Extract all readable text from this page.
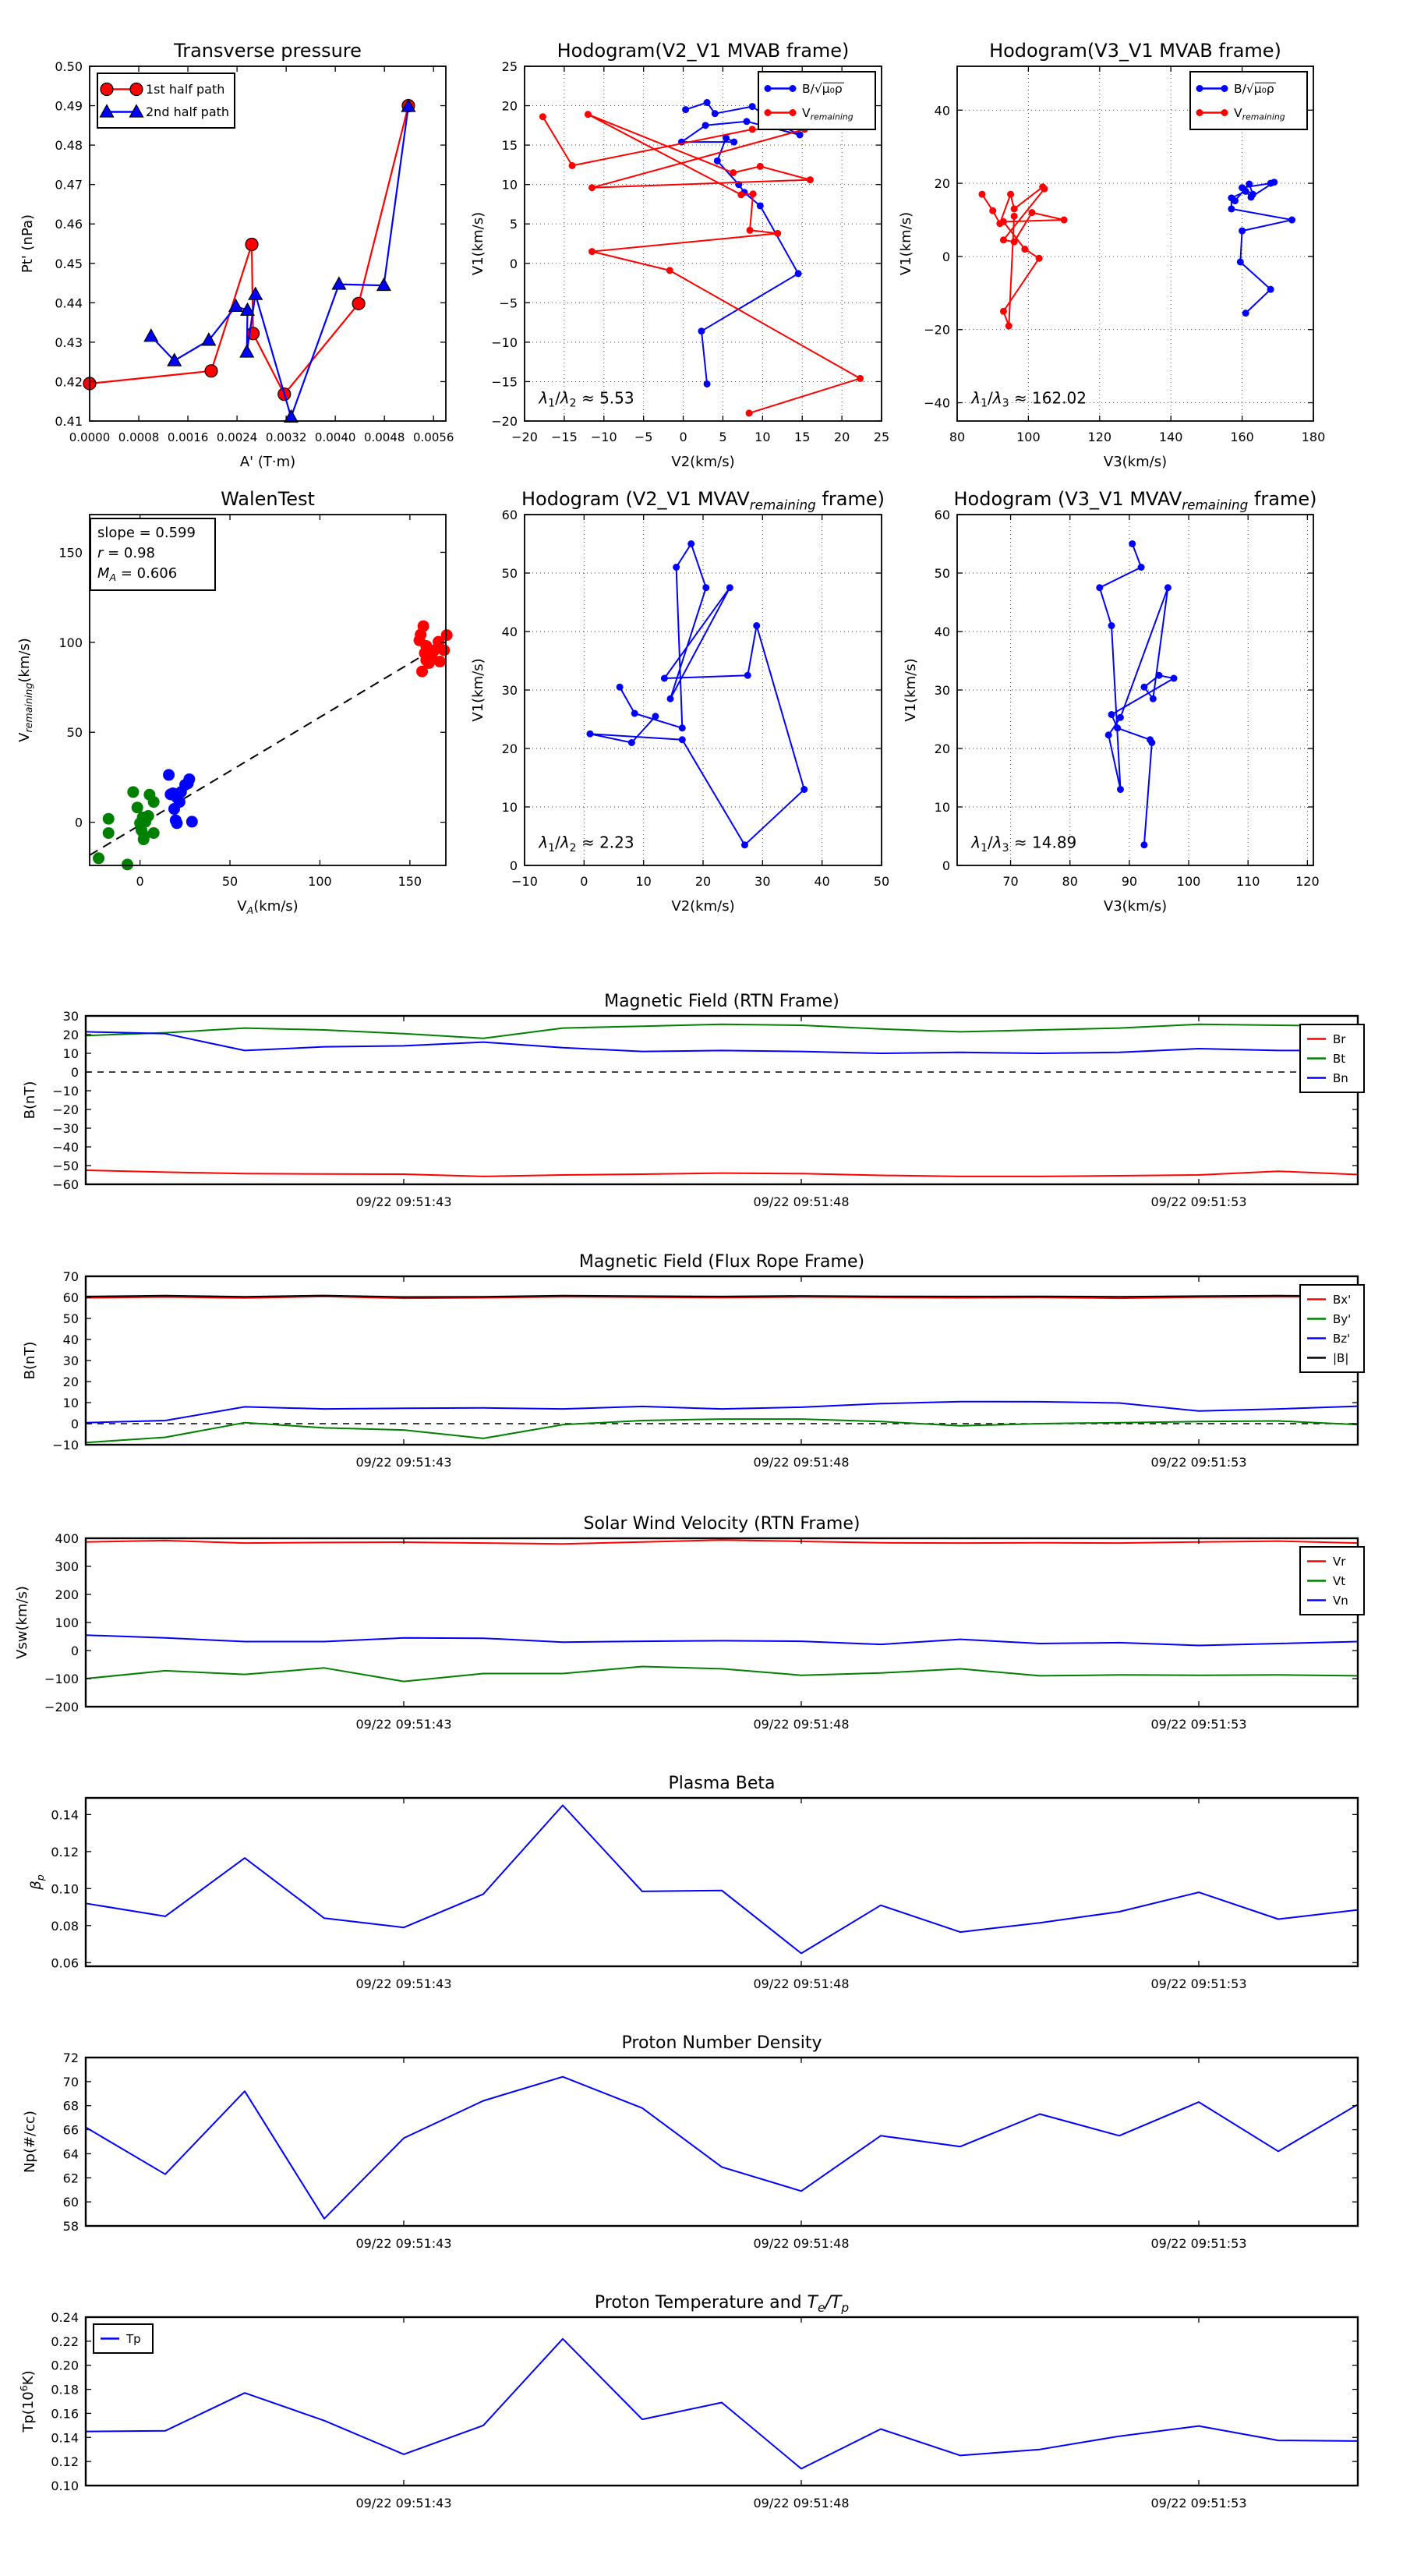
0.0000 0.0008 0.0016 0.0024 0.0032 0.0040 0.0048 0.0056
0.41
0.42
0.43
0.44
0.45
0.46
0.47
0.48
0.49
0.50
Transverse pressure
A' (T·m)
Pt' (nPa)
1st half path
2nd half path
−20 −15 −10 −5 0	5 10 15 20 25
−20
−15
−10
−5
0
5
10
15
20
25
Hodogram(V2_V1 MVAB frame)
V2(km/s)
V1(km/s)
B/√μ₀ρ
$V_{remaining}$
$\lambda_1/\lambda_2 \approx 5.53$
80	100	120	140	160	180
−40
−20
0
20
40
Hodogram(V3_V1 MVAB frame)
V3(km/s)
V1(km/s)
B/√μ₀ρ
$V_{remaining}$
$\lambda_1/\lambda_3 \approx 162.02$
0	50	100	150
0
50
100
150
WalenTest
$V_A(km/s)$
$V_{remaining}(km/s)$
slope = 0.599
r = 0.98
$M_A = 0.606$
−10	0	10	20	30	40	50
0
10
20
30
40
50
60
Hodogram (V2_V1 $MVAV_{remaining}$ frame)
V2(km/s)
V1(km/s)
$\lambda_1/\lambda_2 \approx 2.23$
70	80	90	100	110	120
0
10
20
30
40
50
60
Hodogram (V3_V1 $MVAV_{remaining}$ frame)
V3(km/s)
V1(km/s)
$\lambda_1/\lambda_3 \approx 14.89$
09/22 09:51:43	09/22 09:51:48	09/22 09:51:53
−60
−50
−40
−30
−20
−10
0
10
20
30
Magnetic Field (RTN Frame)
B(nT)
Br
Bt
Bn
09/22 09:51:43	09/22 09:51:48	09/22 09:51:53
−10
0
10
20
30
40
50
60
70
Magnetic Field (Flux Rope Frame)
B(nT)
Bx'
By'
Bz'
|B|
09/22 09:51:43	09/22 09:51:48	09/22 09:51:53
−200
−100
0
100
200
300
400
Solar Wind Velocity (RTN Frame)
Vsw(km/s)
Vr
Vt
Vn
09/22 09:51:43	09/22 09:51:48	09/22 09:51:53
0.06
0.08
0.10
0.12
0.14
Plasma Beta
$\beta_p$
09/22 09:51:43	09/22 09:51:48	09/22 09:51:53
58
60
62
64
66
68
70
72
Proton Number Density
Np(#/cc)
09/22 09:51:43	09/22 09:51:48	09/22 09:51:53
0.10
0.12
0.14
0.16
0.18
0.20
0.22
0.24
Proton Temperature and $T_e/T_p$
$Tp(10^6K)$
Tp
